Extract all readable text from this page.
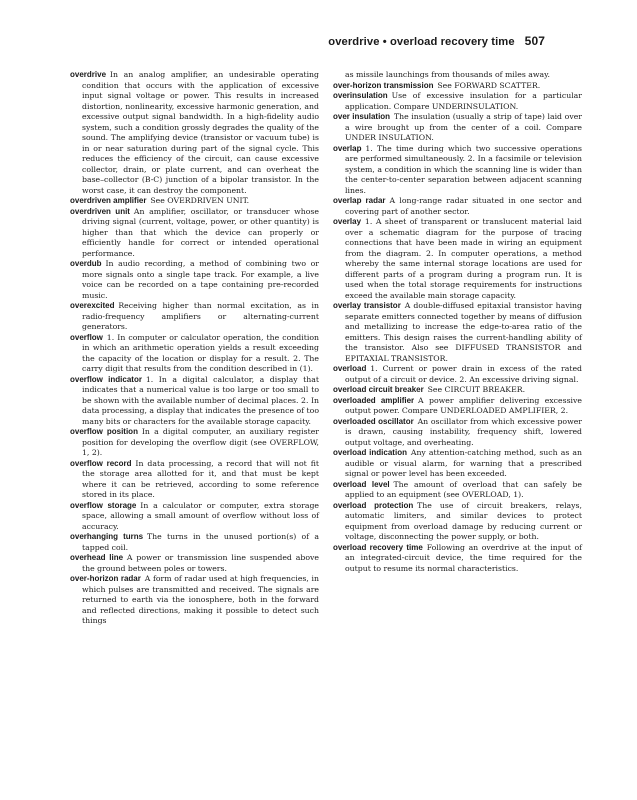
overdrive • overload recovery time 507

overdrive  In an analog amplifier, an undesirable operating condition that occurs with the application of excessive input signal voltage or power. This results in increased distortion, nonlinearity, excessive harmonic generation, and excessive output signal bandwidth. In a high-fidelity audio system, such a condition grossly degrades the quality of the sound. The amplifying device (transistor or vacuum tube) is in or near saturation during part of the signal cycle. This reduces the efficiency of the circuit, can cause excessive collector, drain, or plate current, and can overheat the base–collector (B-C) junction of a bipolar transistor. In the worst case, it can destroy the component.

overdriven amplifier  See OVERDRIVEN UNIT.

overdriven unit  An amplifier, oscillator, or transducer whose driving signal (current, voltage, power, or other quantity) is higher than that which the device can properly or efficiently handle for correct or intended operational performance.

overdub  In audio recording, a method of combining two or more signals onto a single tape track. For example, a live voice can be recorded on a tape containing pre-recorded music.

overexcited  Receiving higher than normal excitation, as in radio-frequency amplifiers or alternating-current generators.

overflow  1. In computer or calculator operation, the condition in which an arithmetic operation yields a result exceeding the capacity of the location or display for a result. 2. The carry digit that results from the condition described in (1).

overflow indicator  1. In a digital calculator, a display that indicates that a numerical value is too large or too small to be shown with the available number of decimal places. 2. In data processing, a display that indicates the presence of too many bits or characters for the available storage capacity.

overflow position  In a digital computer, an auxiliary register position for developing the overflow digit (see OVERFLOW, 1, 2).

overflow record  In data processing, a record that will not fit the storage area allotted for it, and that must be kept where it can be retrieved, according to some reference stored in its place.

overflow storage  In a calculator or computer, extra storage space, allowing a small amount of overflow without loss of accuracy.

overhanging turns  The turns in the unused portion(s) of a tapped coil.

overhead line  A power or transmission line suspended above the ground between poles or towers.

over-horizon radar  A form of radar used at high frequencies, in which pulses are transmitted and received. The signals are returned to earth via the ionosphere, both in the forward and reflected directions, making it possible to detect such things

as missile launchings from thousands of miles away.

over-horizon transmission  See FORWARD SCATTER.

overinsulation  Use of excessive insulation for a particular application. Compare UNDERINSULATION.

over insulation  The insulation (usually a strip of tape) laid over a wire brought up from the center of a coil. Compare UNDER INSULATION.

overlap  1. The time during which two successive operations are performed simultaneously. 2. In a facsimile or television system, a condition in which the scanning line is wider than the center-to-center separation between adjacent scanning lines.

overlap radar  A long-range radar situated in one sector and covering part of another sector.

overlay  1. A sheet of transparent or translucent material laid over a schematic diagram for the purpose of tracing connections that have been made in wiring an equipment from the diagram. 2. In computer operations, a method whereby the same internal storage locations are used for different parts of a program during a program run. It is used when the total storage requirements for instructions exceed the available main storage capacity.

overlay transistor  A double-diffused epitaxial transistor having separate emitters connected together by means of diffusion and metallizing to increase the edge-to-area ratio of the emitters. This design raises the current-handling ability of the transistor. Also see DIFFUSED TRANSISTOR and EPITAXIAL TRANSISTOR.

overload  1. Current or power drain in excess of the rated output of a circuit or device. 2. An excessive driving signal.

overload circuit breaker  See CIRCUIT BREAKER.

overloaded amplifier  A power amplifier delivering excessive output power. Compare UNDERLOADED AMPLIFIER, 2.

overloaded oscillator  An oscillator from which excessive power is drawn, causing instability, frequency shift, lowered output voltage, and overheating.

overload indication  Any attention-catching method, such as an audible or visual alarm, for warning that a prescribed signal or power level has been exceeded.

overload level  The amount of overload that can safely be applied to an equipment (see OVERLOAD, 1).

overload protection  The use of circuit breakers, relays, automatic limiters, and similar devices to protect equipment from overload damage by reducing current or voltage, disconnecting the power supply, or both.

overload recovery time  Following an overdrive at the input of an integrated-circuit device, the time required for the output to resume its normal characteristics.
